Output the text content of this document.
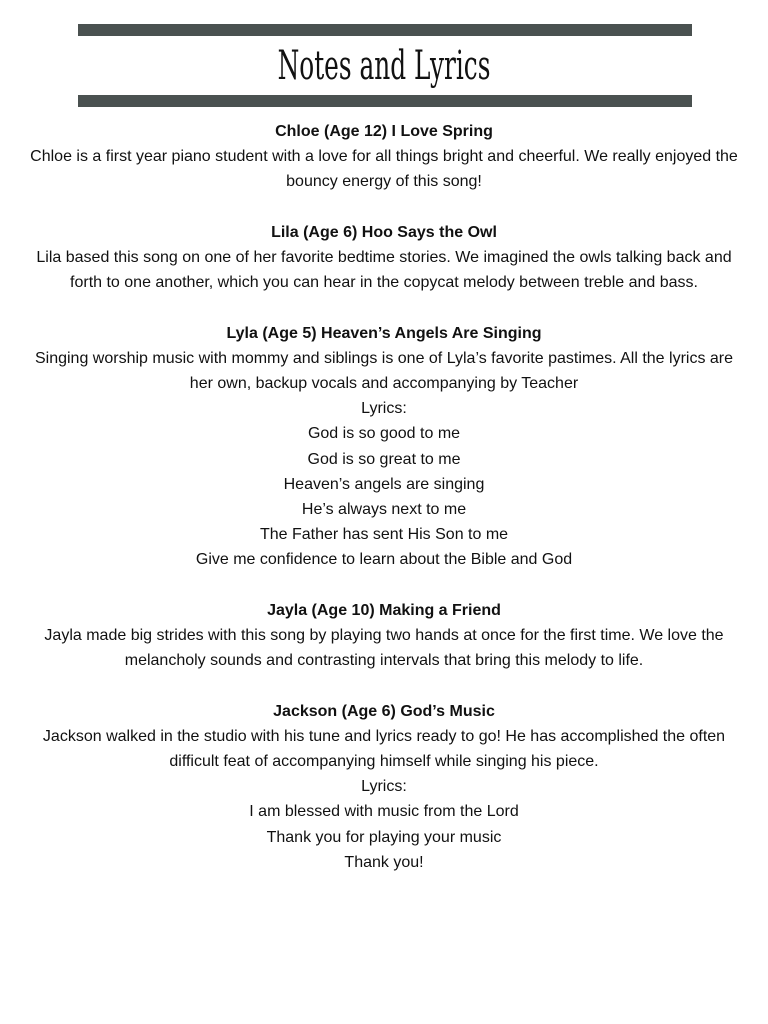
Notes and Lyrics
Chloe (Age 12) I Love Spring

Chloe is a first year piano student with a love for all things bright and cheerful. We really enjoyed the bouncy energy of this song!

Lila (Age 6) Hoo Says the Owl

Lila based this song on one of her favorite bedtime stories. We imagined the owls talking back and forth to one another, which you can hear in the copycat melody between treble and bass.

Lyla (Age 5) Heaven’s Angels Are Singing

Singing worship music with mommy and siblings is one of Lyla’s favorite pastimes. All the lyrics are her own, backup vocals and accompanying by Teacher

Lyrics:

God is so good to me

God is so great to me

Heaven’s angels are singing

He’s always next to me

The Father has sent His Son to me

Give me confidence to learn about the Bible and God

Jayla (Age 10) Making a Friend

Jayla made big strides with this song by playing two hands at once for the first time. We love the melancholy sounds and contrasting intervals that bring this melody to life.

Jackson (Age 6) God’s Music

Jackson walked in the studio with his tune and lyrics ready to go! He has accomplished the often difficult feat of accompanying himself while singing his piece.

Lyrics:

I am blessed with music from the Lord

Thank you for playing your music

Thank you!
